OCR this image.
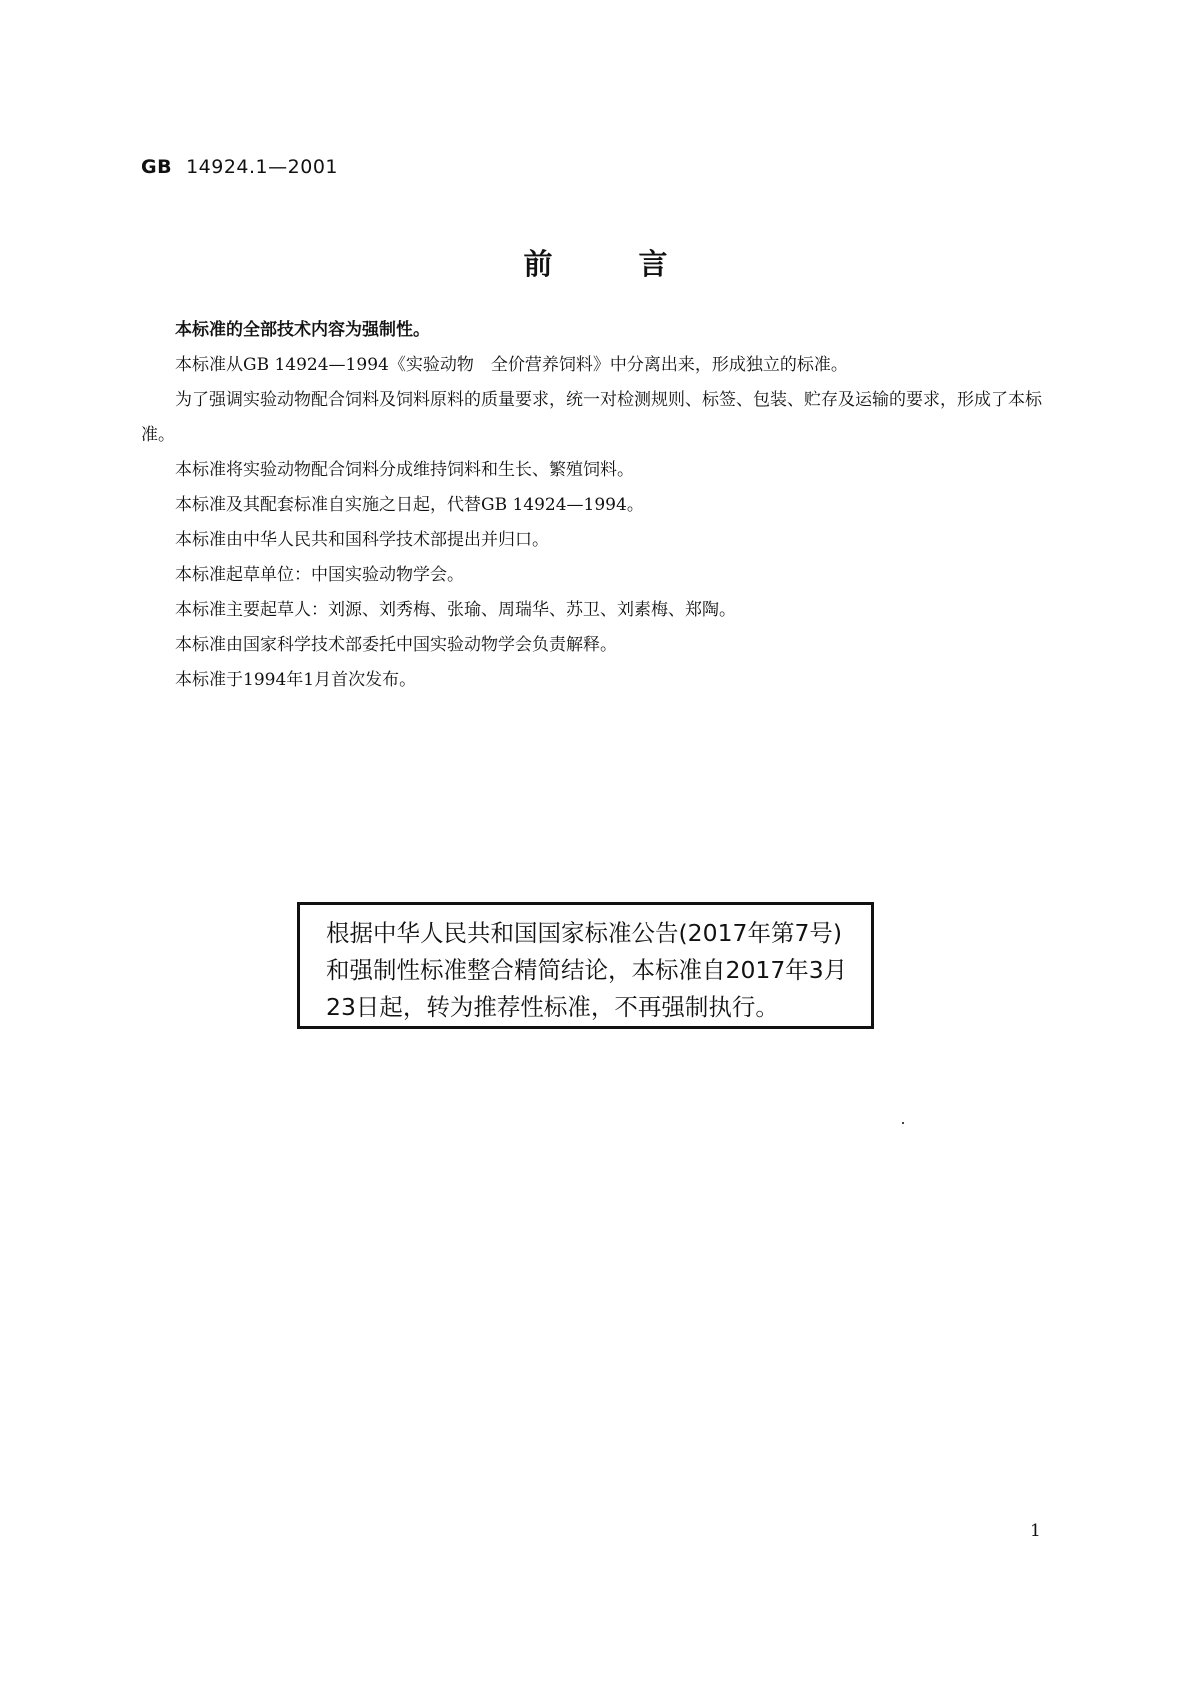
GB 14924.1—2001
前言

本标准的全部技术内容为强制性。

本标准从GB 14924—1994《实验动物　全价营养饲料》中分离出来，形成独立的标准。

为了强调实验动物配合饲料及饲料原料的质量要求，统一对检测规则、标签、包装、贮存及运输的要求，形成了本标准。

本标准将实验动物配合饲料分成维持饲料和生长、繁殖饲料。

本标准及其配套标准自实施之日起，代替GB 14924—1994。

本标准由中华人民共和国科学技术部提出并归口。

本标准起草单位：中国实验动物学会。

本标准主要起草人：刘源、刘秀梅、张瑜、周瑞华、苏卫、刘素梅、郑陶。

本标准由国家科学技术部委托中国实验动物学会负责解释。

本标准于1994年1月首次发布。

根据中华人民共和国国家标准公告(2017年第7号)和强制性标准整合精简结论，本标准自2017年3月23日起，转为推荐性标准，不再强制执行。
1
